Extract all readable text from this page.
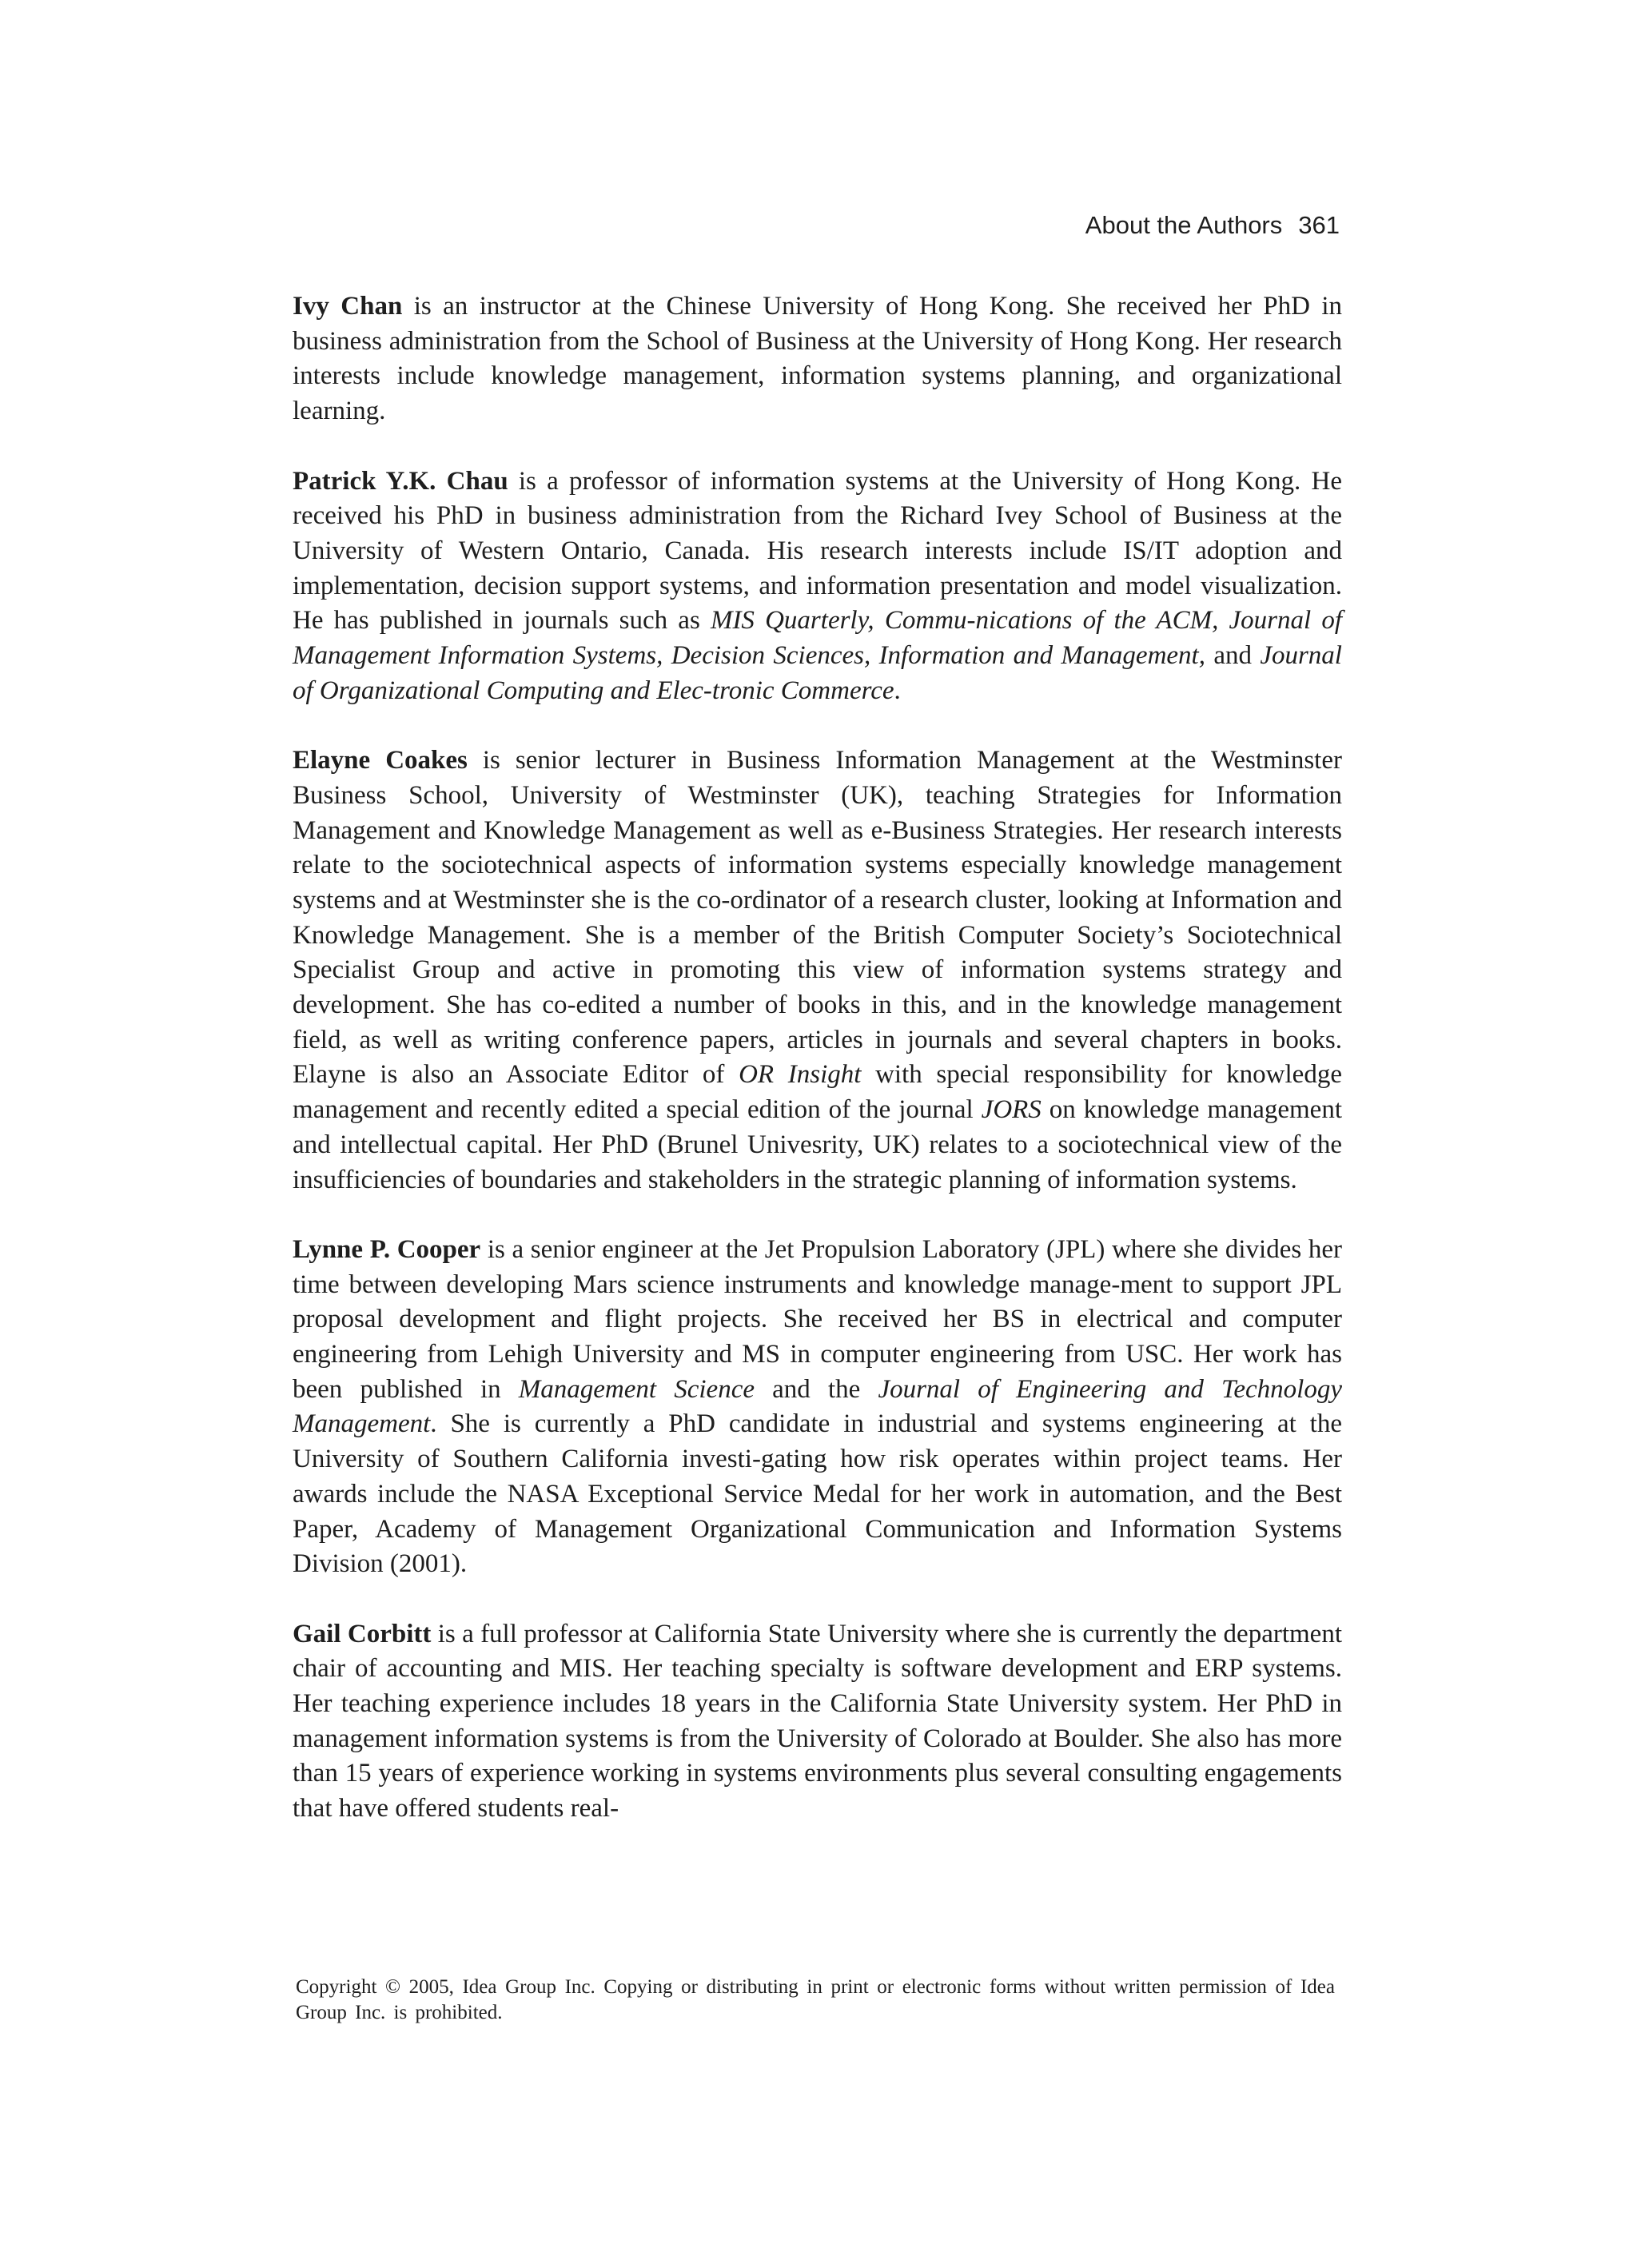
About the Authors 361

Ivy Chan is an instructor at the Chinese University of Hong Kong. She received her PhD in business administration from the School of Business at the University of Hong Kong. Her research interests include knowledge management, information systems planning, and organizational learning.

Patrick Y.K. Chau is a professor of information systems at the University of Hong Kong. He received his PhD in business administration from the Richard Ivey School of Business at the University of Western Ontario, Canada. His research interests include IS/IT adoption and implementation, decision support systems, and information presentation and model visualization. He has published in journals such as MIS Quarterly, Commu-nications of the ACM, Journal of Management Information Systems, Decision Sciences, Information and Management, and Journal of Organizational Computing and Elec-tronic Commerce.

Elayne Coakes is senior lecturer in Business Information Management at the Westminster Business School, University of Westminster (UK), teaching Strategies for Information Management and Knowledge Management as well as e-Business Strategies. Her research interests relate to the sociotechnical aspects of information systems especially knowledge management systems and at Westminster she is the co-ordinator of a research cluster, looking at Information and Knowledge Management. She is a member of the British Computer Society’s Sociotechnical Specialist Group and active in promoting this view of information systems strategy and development. She has co-edited a number of books in this, and in the knowledge management field, as well as writing conference papers, articles in journals and several chapters in books. Elayne is also an Associate Editor of OR Insight with special responsibility for knowledge management and recently edited a special edition of the journal JORS on knowledge management and intellectual capital. Her PhD (Brunel Univesrity, UK) relates to a sociotechnical view of the insufficiencies of boundaries and stakeholders in the strategic planning of information systems.

Lynne P. Cooper is a senior engineer at the Jet Propulsion Laboratory (JPL) where she divides her time between developing Mars science instruments and knowledge manage-ment to support JPL proposal development and flight projects. She received her BS in electrical and computer engineering from Lehigh University and MS in computer engineering from USC. Her work has been published in Management Science and the Journal of Engineering and Technology Management. She is currently a PhD candidate in industrial and systems engineering at the University of Southern California investi-gating how risk operates within project teams. Her awards include the NASA Exceptional Service Medal for her work in automation, and the Best Paper, Academy of Management Organizational Communication and Information Systems Division (2001).

Gail Corbitt is a full professor at California State University where she is currently the department chair of accounting and MIS. Her teaching specialty is software development and ERP systems. Her teaching experience includes 18 years in the California State University system. Her PhD in management information systems is from the University of Colorado at Boulder. She also has more than 15 years of experience working in systems environments plus several consulting engagements that have offered students real-

Copyright © 2005, Idea Group Inc. Copying or distributing in print or electronic forms without written permission of Idea Group Inc. is prohibited.
